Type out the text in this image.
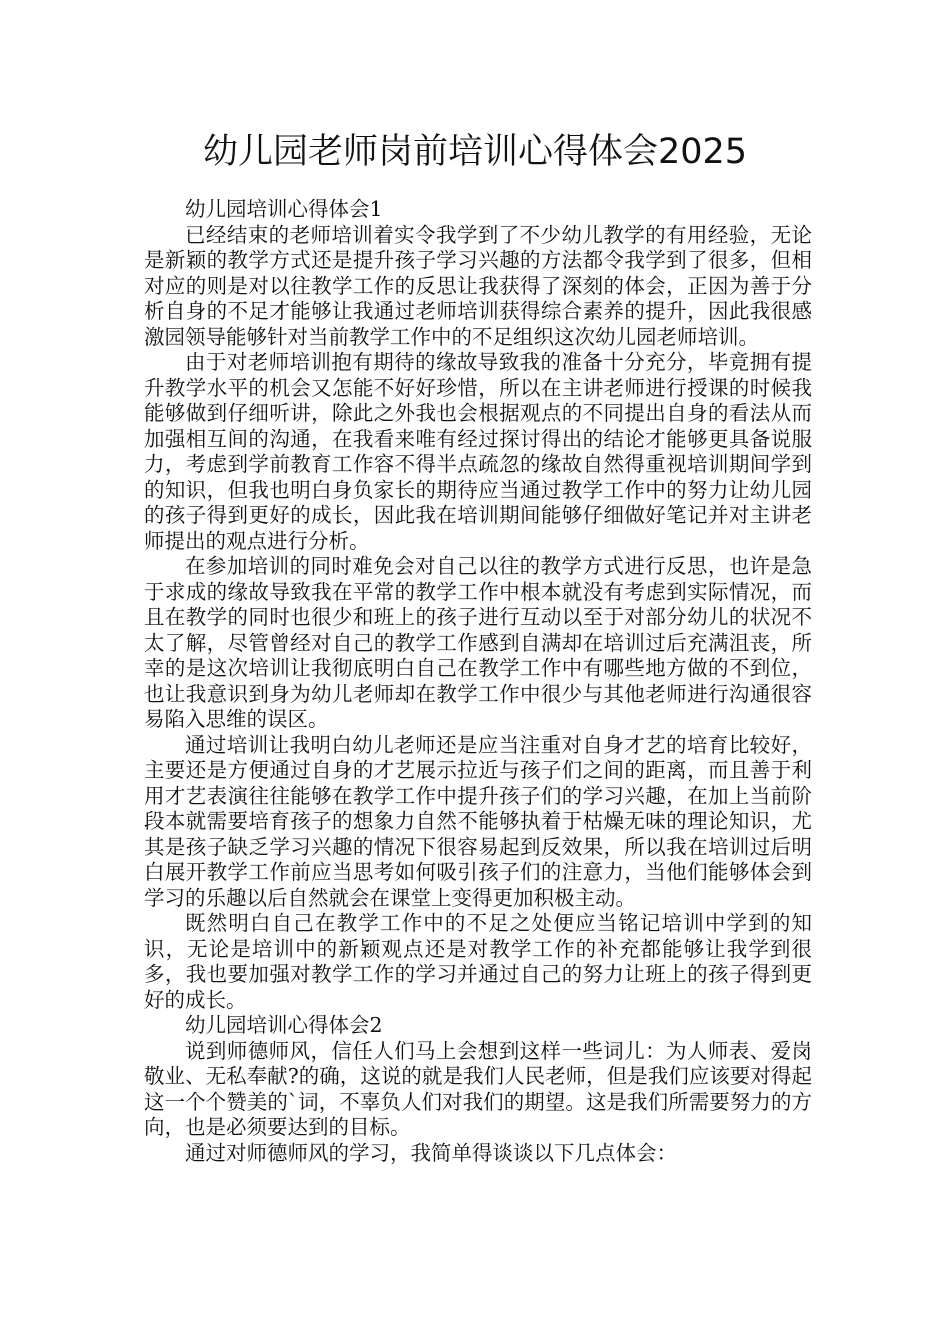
幼儿园老师岗前培训心得体会2025

幼儿园培训心得体会1

已经结束的老师培训着实令我学到了不少幼儿教学的有用经验，无论是新颖的教学方式还是提升孩子学习兴趣的方法都令我学到了很多，但相对应的则是对以往教学工作的反思让我获得了深刻的体会，正因为善于分析自身的不足才能够让我通过老师培训获得综合素养的提升，因此我很感激园领导能够针对当前教学工作中的不足组织这次幼儿园老师培训。

由于对老师培训抱有期待的缘故导致我的准备十分充分，毕竟拥有提升教学水平的机会又怎能不好好珍惜，所以在主讲老师进行授课的时候我能够做到仔细听讲，除此之外我也会根据观点的不同提出自身的看法从而加强相互间的沟通，在我看来唯有经过探讨得出的结论才能够更具备说服力，考虑到学前教育工作容不得半点疏忽的缘故自然得重视培训期间学到的知识，但我也明白身负家长的期待应当通过教学工作中的努力让幼儿园的孩子得到更好的成长，因此我在培训期间能够仔细做好笔记并对主讲老师提出的观点进行分析。

在参加培训的同时难免会对自己以往的教学方式进行反思，也许是急于求成的缘故导致我在平常的教学工作中根本就没有考虑到实际情况，而且在教学的同时也很少和班上的孩子进行互动以至于对部分幼儿的状况不太了解，尽管曾经对自己的教学工作感到自满却在培训过后充满沮丧，所幸的是这次培训让我彻底明白自己在教学工作中有哪些地方做的不到位，也让我意识到身为幼儿老师却在教学工作中很少与其他老师进行沟通很容易陷入思维的误区。

通过培训让我明白幼儿老师还是应当注重对自身才艺的培育比较好，主要还是方便通过自身的才艺展示拉近与孩子们之间的距离，而且善于利用才艺表演往往能够在教学工作中提升孩子们的学习兴趣，在加上当前阶段本就需要培育孩子的想象力自然不能够执着于枯燥无味的理论知识，尤其是孩子缺乏学习兴趣的情况下很容易起到反效果，所以我在培训过后明白展开教学工作前应当思考如何吸引孩子们的注意力，当他们能够体会到学习的乐趣以后自然就会在课堂上变得更加积极主动。

既然明白自己在教学工作中的不足之处便应当铭记培训中学到的知识，无论是培训中的新颖观点还是对教学工作的补充都能够让我学到很多，我也要加强对教学工作的学习并通过自己的努力让班上的孩子得到更好的成长。

幼儿园培训心得体会2

说到师德师风，信任人们马上会想到这样一些词儿：为人师表、爱岗敬业、无私奉献?的确，这说的就是我们人民老师，但是我们应该要对得起这一个个赞美的`词，不辜负人们对我们的期望。这是我们所需要努力的方向，也是必须要达到的目标。

通过对师德师风的学习，我简单得谈谈以下几点体会：
